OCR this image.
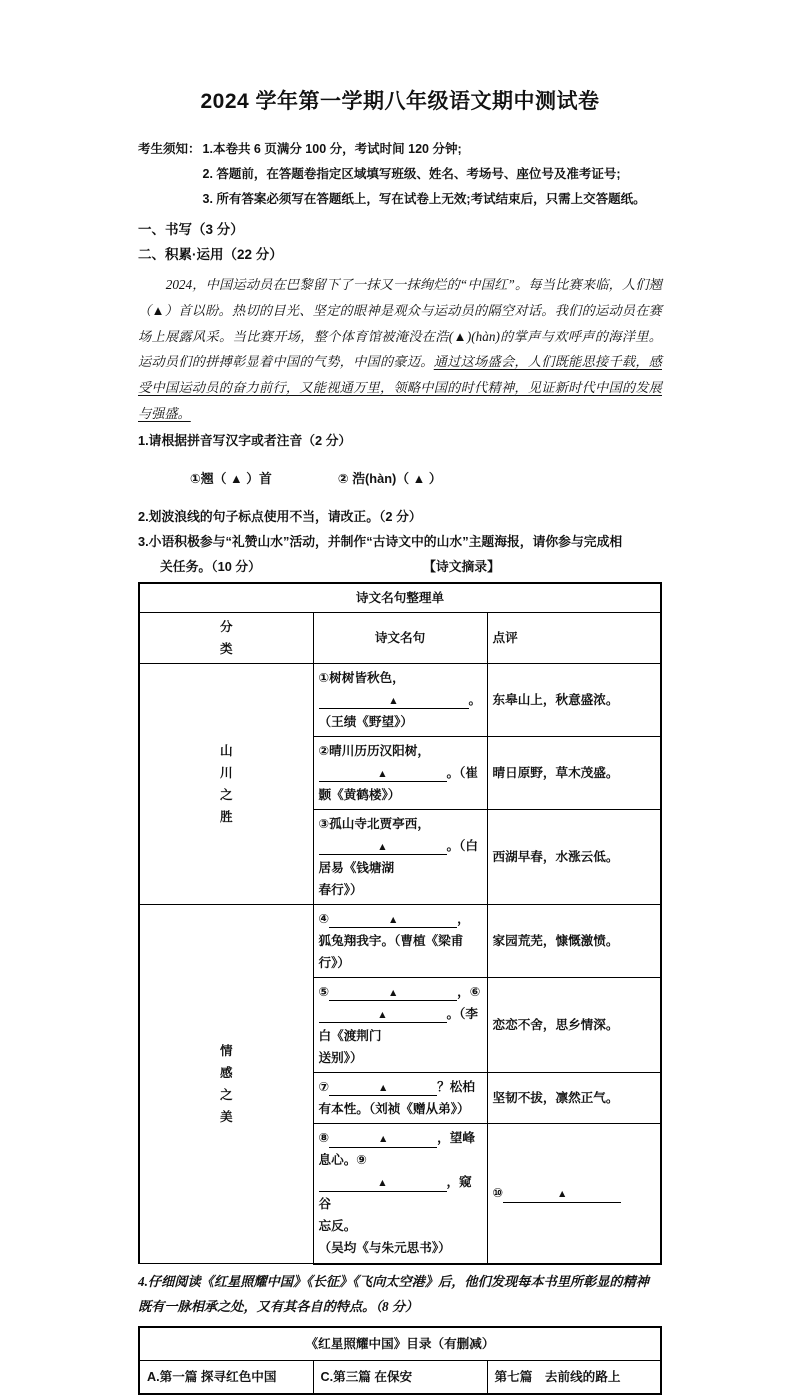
2024 学年第一学期八年级语文期中测试卷
考生须知： 1.本卷共 6 页满分 100 分，考试时间 120 分钟;
2. 答题前，在答题卷指定区域填写班级、姓名、考场号、座位号及准考证号;
3. 所有答案必须写在答题纸上，写在试卷上无效;考试结束后，只需上交答题纸。

一、书写（3 分）

二、积累·运用（22 分）

2024，中国运动员在巴黎留下了一抹又一抹绚烂的“中国红”。每当比赛来临，人们翘（▲）首以盼。热切的目光、坚定的眼神是观众与运动员的隔空对话。我们的运动员在赛场上展露风采。当比赛开场，整个体育馆被淹没在浩(▲)(hàn)的掌声与欢呼声的海洋里。运动员们的拼搏彰显着中国的气势，中国的豪迈。通过这场盛会，人们既能思接千载，感受中国运动员的奋力前行，又能视通万里，领略中国的时代精神，见证新时代中国的发展与强盛。

1.请根据拼音写汉字或者注音（2 分）

①翘（ ▲ ）首	② 浩(hàn)（ ▲ ）

2.划波浪线的句子标点使用不当，请改正。（2 分）

3.小语积极参与“礼赞山水”活动，并制作“古诗文中的山水”主题海报，请你参与完成相

关任务。（10 分）	【诗文摘录】
诗文名句整理单		

分
类	诗文名句	点评

山
川
之
胜	①树树皆秋色，▲ 。（王绩《野望》）	东皋山上，秋意盛浓。
	②晴川历历汉阳树，▲ 。（崔颢《黄鹤楼》）	晴日原野，草木茂盛。
	③孤山寺北贾亭西，▲ 。（白居易《钱塘湖
春行》）	西湖早春，水涨云低。

情
感
之
美	④ ▲ ，狐兔翔我宇。（曹植《梁甫行》）	家园荒芜，慷慨激愤。
	⑤ ▲ ，⑥▲ 。（李白《渡荆门
送别》）	恋恋不舍，思乡情深。
	⑦ ▲ ？松柏有本性。（刘祯《赠从弟》）	坚韧不拔，凛然正气。
	⑧ ▲ ，望峰息心。⑨▲ ，窥谷
忘反。（吴均《与朱元思书》）	⑩ ▲

4.仔细阅读《红星照耀中国》《长征》《飞向太空港》后，他们发现每本书里所彰显的精神

既有一脉相承之处，又有其各自的特点。（8 分）

《红星照耀中国》目录（有删减）
A.第一篇 探寻红色中国	C.第三篇 在保安	第七篇　去前线的路上
